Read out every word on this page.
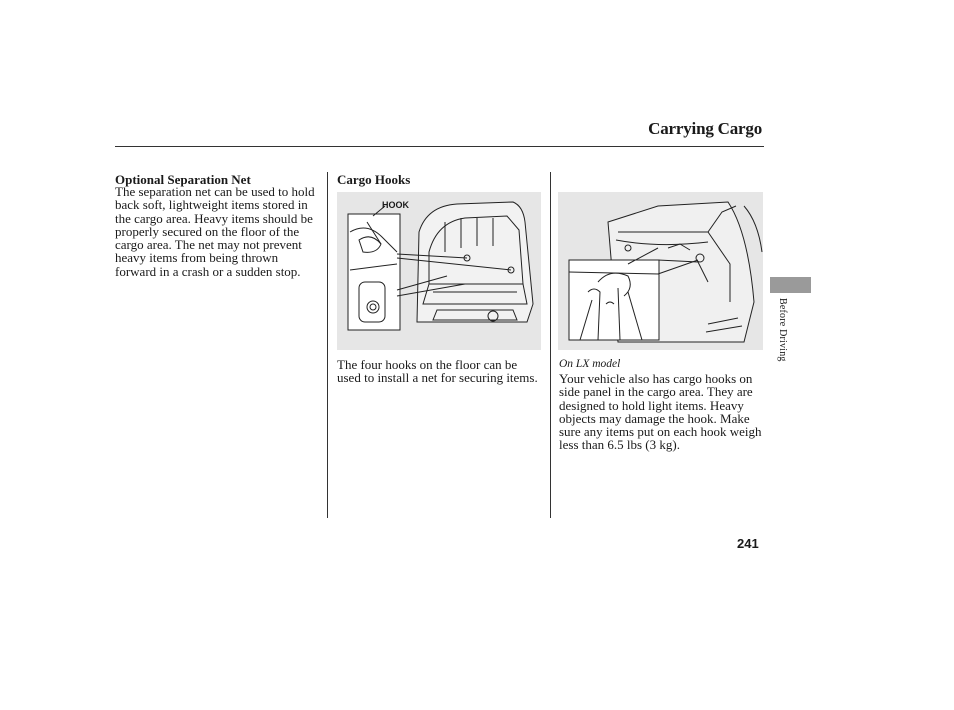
Carrying Cargo
Optional Separation Net
The separation net can be used to hold back soft, lightweight items stored in the cargo area. Heavy items should be properly secured on the floor of the cargo area. The net may not prevent heavy items from being thrown forward in a crash or a sudden stop.
Cargo Hooks
HOOK
The four hooks on the floor can be used to install a net for securing items.
On LX model
Your vehicle also has cargo hooks on side panel in the cargo area. They are designed to hold light items. Heavy objects may damage the hook. Make sure any items put on each hook weigh less than 6.5 lbs (3 kg).
Before Driving
241
